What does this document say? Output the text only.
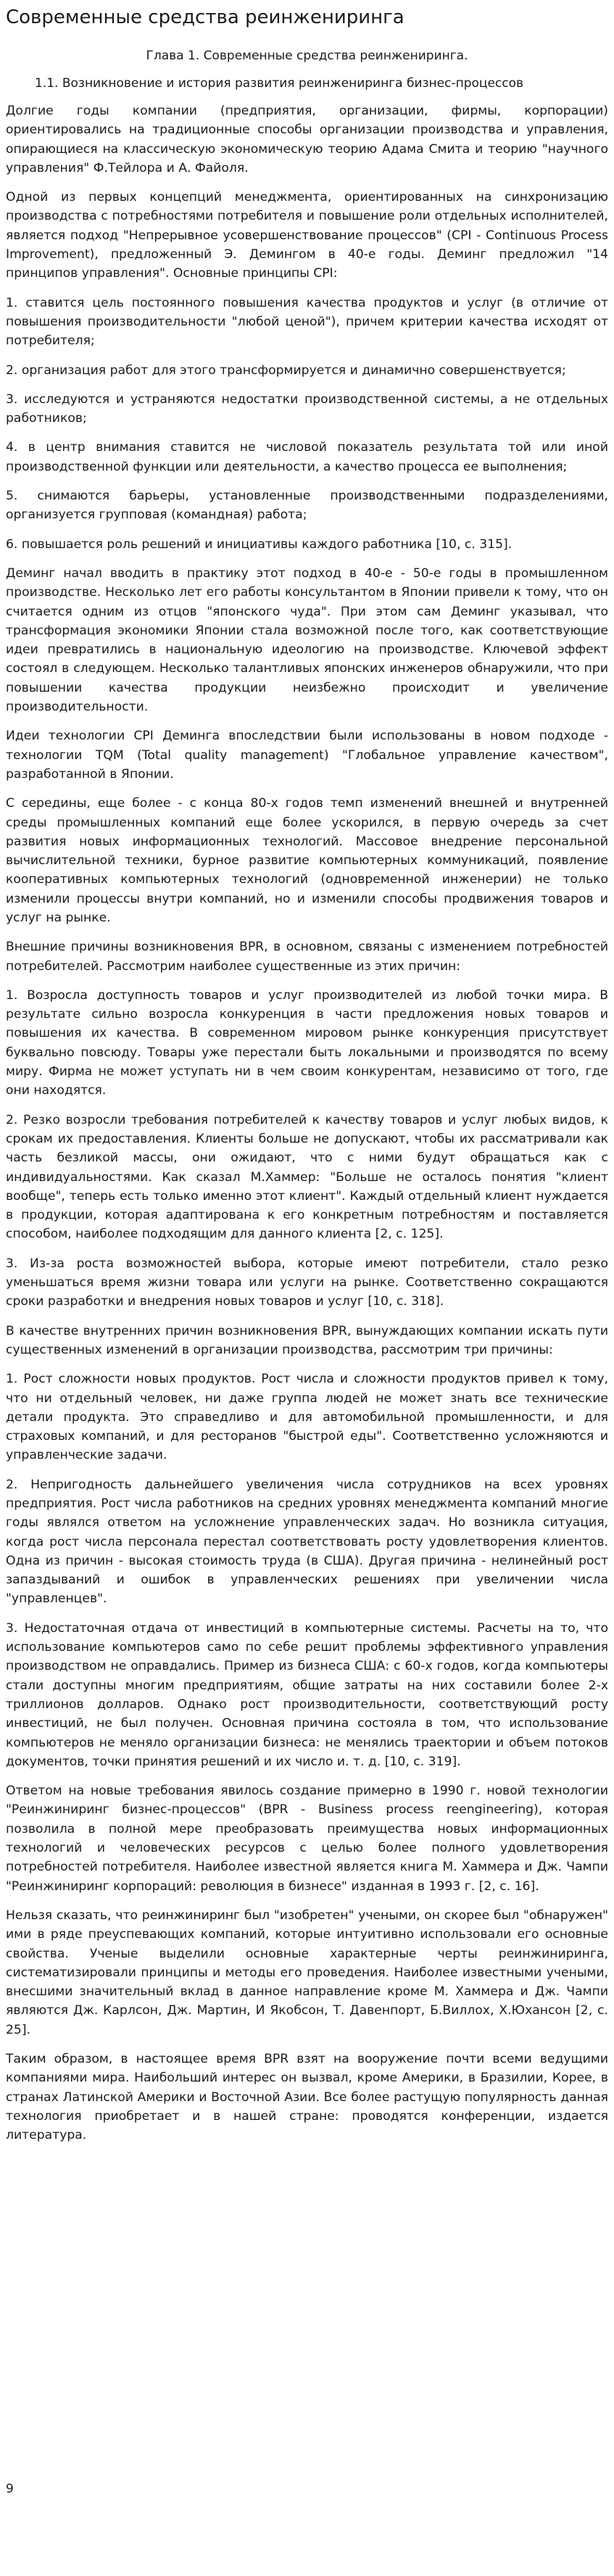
Современные средства реинжениринга
Глава 1. Современные средства реинжениринга.
1.1. Возникновение и история развития реинжениринга бизнес-процессов

Долгие годы компании (предприятия, организации, фирмы, корпорации) ориентировались на традиционные способы организации производства и управления, опирающиеся на классическую экономическую теорию Адама Смита и теорию "научного управления" Ф.Тейлора и А. Файоля.

Одной из первых концепций менеджмента, ориентированных на синхронизацию производства с потребностями потребителя и повышение роли отдельных исполнителей, является подход "Непрерывное усовершенствование процессов" (CPI - Continuous Process Improvement), предложенный Э. Демингом в 40-е годы. Деминг предложил "14 принципов управления". Основные принципы CPI:

1. ставится цель постоянного повышения качества продуктов и услуг (в отличие от повышения производительности "любой ценой"), причем критерии качества исходят от потребителя;

2. организация работ для этого трансформируется и динамично совершенствуется;

3. исследуются и устраняются недостатки производственной системы, а не отдельных работников;

4. в центр внимания ставится не числовой показатель результата той или иной производственной функции или деятельности, а качество процесса ее выполнения;

5. снимаются барьеры, установленные производственными подразделениями, организуется групповая (командная) работа;

6. повышается роль решений и инициативы каждого работника [10, с. 315].

Деминг начал вводить в практику этот подход в 40-е - 50-е годы в промышленном производстве. Несколько лет его работы консультантом в Японии привели к тому, что он считается одним из отцов "японского чуда". При этом сам Деминг указывал, что трансформация экономики Японии стала возможной после того, как соответствующие идеи превратились в национальную идеологию на производстве. Ключевой эффект состоял в следующем. Несколько талантливых японских инженеров обнаружили, что при повышении качества продукции неизбежно происходит и увеличение производительности.

Идеи технологии CPI Деминга впоследствии были использованы в новом подходе - технологии TQM (Total quality management) "Глобальное управление качеством", разработанной в Японии.

С середины, еще более - с конца 80-х годов темп изменений внешней и внутренней среды промышленных компаний еще более ускорился, в первую очередь за счет развития новых информационных технологий. Массовое внедрение персональной вычислительной техники, бурное развитие компьютерных коммуникаций, появление кооперативных компьютерных технологий (одновременной инженерии) не только изменили процессы внутри компаний, но и изменили способы продвижения товаров и услуг на рынке.

Внешние причины возникновения BPR, в основном, связаны с изменением потребностей потребителей. Рассмотрим наиболее существенные из этих причин:

1. Возросла доступность товаров и услуг производителей из любой точки мира. В результате сильно возросла конкуренция в части предложения новых товаров и повышения их качества. В современном мировом рынке конкуренция присутствует буквально повсюду. Товары уже перестали быть локальными и производятся по всему миру. Фирма не может уступать ни в чем своим конкурентам, независимо от того, где они находятся.

2. Резко возросли требования потребителей к качеству товаров и услуг любых видов, к срокам их предоставления. Клиенты больше не допускают, чтобы их рассматривали как часть безликой массы, они ожидают, что с ними будут обращаться как с индивидуальностями. Как сказал М.Хаммер: "Больше не осталось понятия "клиент вообще", теперь есть только именно этот клиент". Каждый отдельный клиент нуждается в продукции, которая адаптирована к его конкретным потребностям и поставляется способом, наиболее подходящим для данного клиента [2, с. 125].

3. Из-за роста возможностей выбора, которые имеют потребители, стало резко уменьшаться время жизни товара или услуги на рынке. Соответственно сокращаются сроки разработки и внедрения новых товаров и услуг [10, с. 318].

В качестве внутренних причин возникновения BPR, вынуждающих компании искать пути существенных изменений в организации производства, рассмотрим три причины:

1. Рост сложности новых продуктов. Рост числа и сложности продуктов привел к тому, что ни отдельный человек, ни даже группа людей не может знать все технические детали продукта. Это справедливо и для автомобильной промышленности, и для страховых компаний, и для ресторанов "быстрой еды". Соответственно усложняются и управленческие задачи.

2. Непригодность дальнейшего увеличения числа сотрудников на всех уровнях предприятия. Рост числа работников на средних уровнях менеджмента компаний многие годы являлся ответом на усложнение управленческих задач. Но возникла ситуация, когда рост числа персонала перестал соответствовать росту удовлетворения клиентов. Одна из причин - высокая стоимость труда (в США). Другая причина - нелинейный рост запаздываний и ошибок в управленческих решениях при увеличении числа "управленцев".

3. Недостаточная отдача от инвестиций в компьютерные системы. Расчеты на то, что использование компьютеров само по себе решит проблемы эффективного управления производством не оправдались. Пример из бизнеса США: с 60-х годов, когда компьютеры стали доступны многим предприятиям, общие затраты на них составили более 2-х триллионов долларов. Однако рост производительности, соответствующий росту инвестиций, не был получен. Основная причина состояла в том, что использование компьютеров не меняло организации бизнеса: не менялись траектории и объем потоков документов, точки принятия решений и их число и. т. д. [10, с. 319].

Ответом на новые требования явилось создание примерно в 1990 г. новой технологии "Реинжиниринг бизнес-процессов" (BPR - Business process reengineering), которая позволила в полной мере преобразовать преимущества новых информационных технологий и человеческих ресурсов с целью более полного удовлетворения потребностей потребителя. Наиболее известной является книга М. Хаммера и Дж. Чампи "Реинжиниринг корпораций: революция в бизнесе" изданная в 1993 г. [2, с. 16].

Нельзя сказать, что реинжиниринг был "изобретен" учеными, он скорее был "обнаружен" ими в ряде преуспевающих компаний, которые интуитивно использовали его основные свойства. Ученые выделили основные характерные черты реинжиниринга, систематизировали принципы и методы его проведения. Наиболее известными учеными, внесшими значительный вклад в данное направление кроме М. Хаммера и Дж. Чампи являются Дж. Карлсон, Дж. Мартин, И Якобсон, Т. Давенпорт, Б.Виллох, Х.Юхансон [2, с. 25].

Таким образом, в настоящее время BPR взят на вооружение почти всеми ведущими компаниями мира. Наибольший интерес он вызвал, кроме Америки, в Бразилии, Корее, в странах Латинской Америки и Восточной Азии. Все более растущую популярность данная технология приобретает и в нашей стране: проводятся конференции, издается литература.

9
